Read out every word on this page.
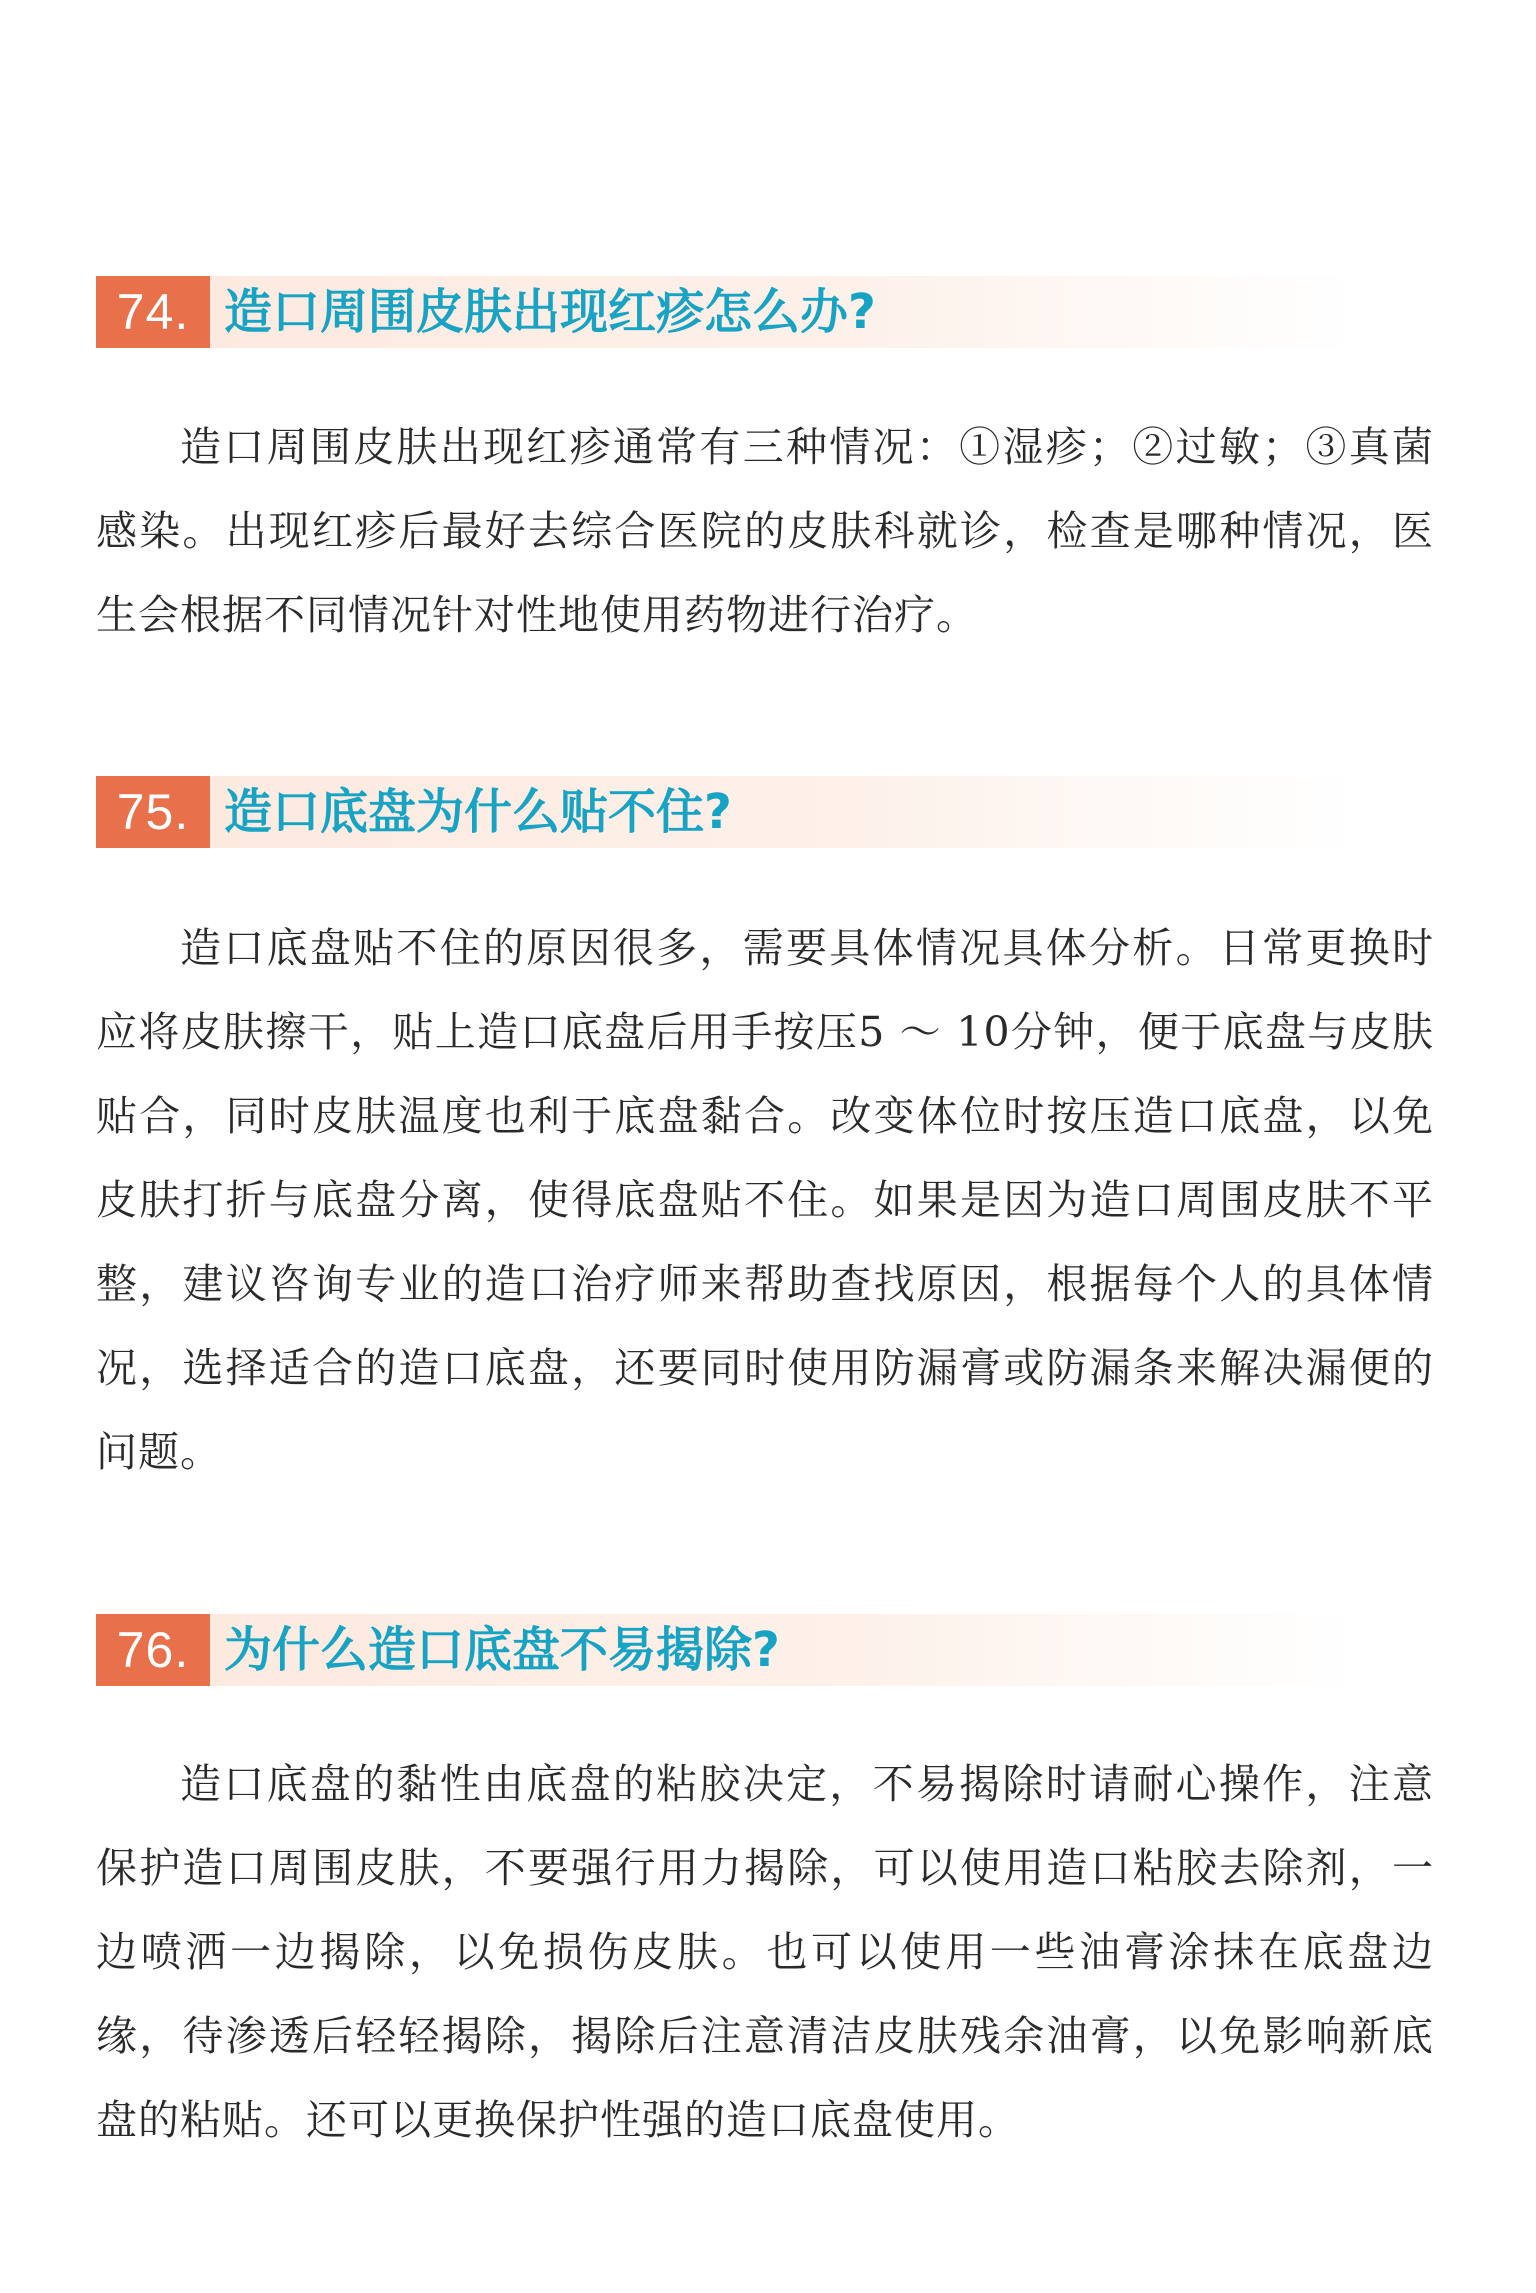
74. 造口周围皮肤出现红疹怎么办?

造口周围皮肤出现红疹通常有三种情况：①湿疹；②过敏；③真菌感染。出现红疹后最好去综合医院的皮肤科就诊，检查是哪种情况，医生会根据不同情况针对性地使用药物进行治疗。

75. 造口底盘为什么贴不住?

造口底盘贴不住的原因很多，需要具体情况具体分析。日常更换时应将皮肤擦干，贴上造口底盘后用手按压5 ～ 10分钟，便于底盘与皮肤贴合，同时皮肤温度也利于底盘黏合。改变体位时按压造口底盘，以免皮肤打折与底盘分离，使得底盘贴不住。如果是因为造口周围皮肤不平整，建议咨询专业的造口治疗师来帮助查找原因，根据每个人的具体情况，选择适合的造口底盘，还要同时使用防漏膏或防漏条来解决漏便的问题。

76. 为什么造口底盘不易揭除?

造口底盘的黏性由底盘的粘胶决定，不易揭除时请耐心操作，注意保护造口周围皮肤，不要强行用力揭除，可以使用造口粘胶去除剂，一边喷洒一边揭除，以免损伤皮肤。也可以使用一些油膏涂抹在底盘边缘，待渗透后轻轻揭除，揭除后注意清洁皮肤残余油膏，以免影响新底盘的粘贴。还可以更换保护性强的造口底盘使用。
